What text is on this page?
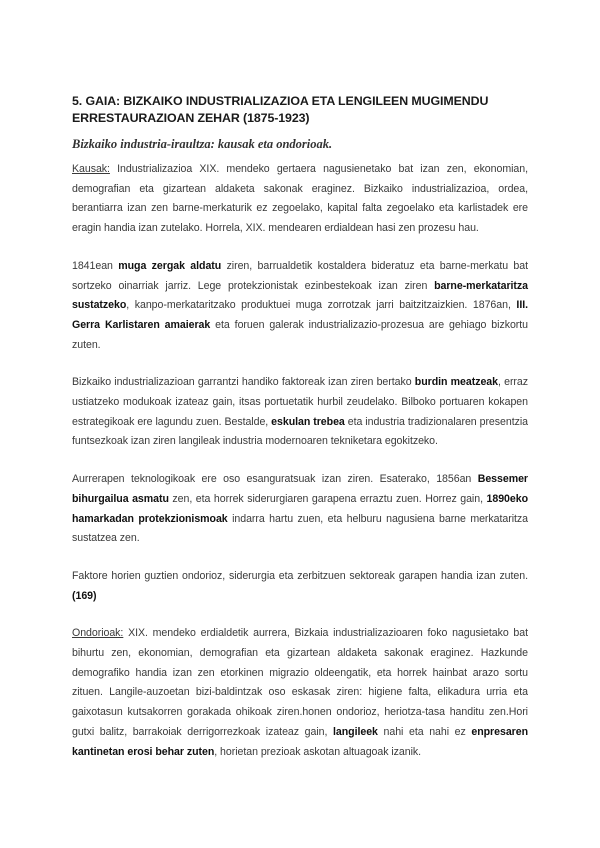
5. GAIA: BIZKAIKO INDUSTRIALIZAZIOA ETA LENGILEEN MUGIMENDU
ERRESTAURAZIOAN ZEHAR (1875-1923)
Bizkaiko industria-iraultza: kausak eta ondorioak.

Kausak: Industrializazioa XIX. mendeko gertaera nagusienetako bat izan zen, ekonomian, demografian eta gizartean aldaketa sakonak eraginez. Bizkaiko industrializazioa, ordea, berantiarra izan zen barne-merkaturik ez zegoelako, kapital falta zegoelako eta karlistadek ere eragin handia izan zutelako. Horrela, XIX. mendearen erdialdean hasi zen prozesu hau.

1841ean muga zergak aldatu ziren, barrualdetik kostaldera bideratuz eta barne-merkatu bat sortzeko oinarriak jarriz. Lege protekzionistak ezinbestekoak izan ziren barne-merkataritza sustatzeko, kanpo-merkataritzako produktuei muga zorrotzak jarri baitzitzaizkien. 1876an, III. Gerra Karlistaren amaierak eta foruen galerak industrializazio-prozesua are gehiago bizkortu zuten.

Bizkaiko industrializazioan garrantzi handiko faktoreak izan ziren bertako burdin meatzeak, erraz ustiatzeko modukoak izateaz gain, itsas portuetatik hurbil zeudelako. Bilboko portuaren kokapen estrategikoak ere lagundu zuen. Bestalde, eskulan trebea eta industria tradizionalaren presentzia funtsezkoak izan ziren langileak industria modernoaren tekniketara egokitzeko.

Aurrerapen teknologikoak ere oso esanguratsuak izan ziren. Esaterako, 1856an Bessemer bihurgailua asmatu zen, eta horrek siderurgiaren garapena erraztu zuen. Horrez gain, 1890eko hamarkadan protekzionismoak indarra hartu zuen, eta helburu nagusiena barne merkataritza sustatzea zen.

Faktore horien guztien ondorioz, siderurgia eta zerbitzuen sektoreak garapen handia izan zuten. (169)

Ondorioak: XIX. mendeko erdialdetik aurrera, Bizkaia industrializazioaren foko nagusietako bat bihurtu zen, ekonomian, demografian eta gizartean aldaketa sakonak eraginez. Hazkunde demografiko handia izan zen etorkinen migrazio oldeengatik, eta horrek hainbat arazo sortu zituen. Langile-auzoetan bizi-baldintzak oso eskasak ziren: higiene falta, elikadura urria eta gaixotasun kutsakorren gorakada ohikoak ziren.honen ondorioz, heriotza-tasa handitu zen.Hori gutxi balitz, barrakoiak derrigorrezkoak izateaz gain, langileek nahi eta nahi ez enpresaren kantinetan erosi behar zuten, horietan prezioak askotan altuagoak izanik.
